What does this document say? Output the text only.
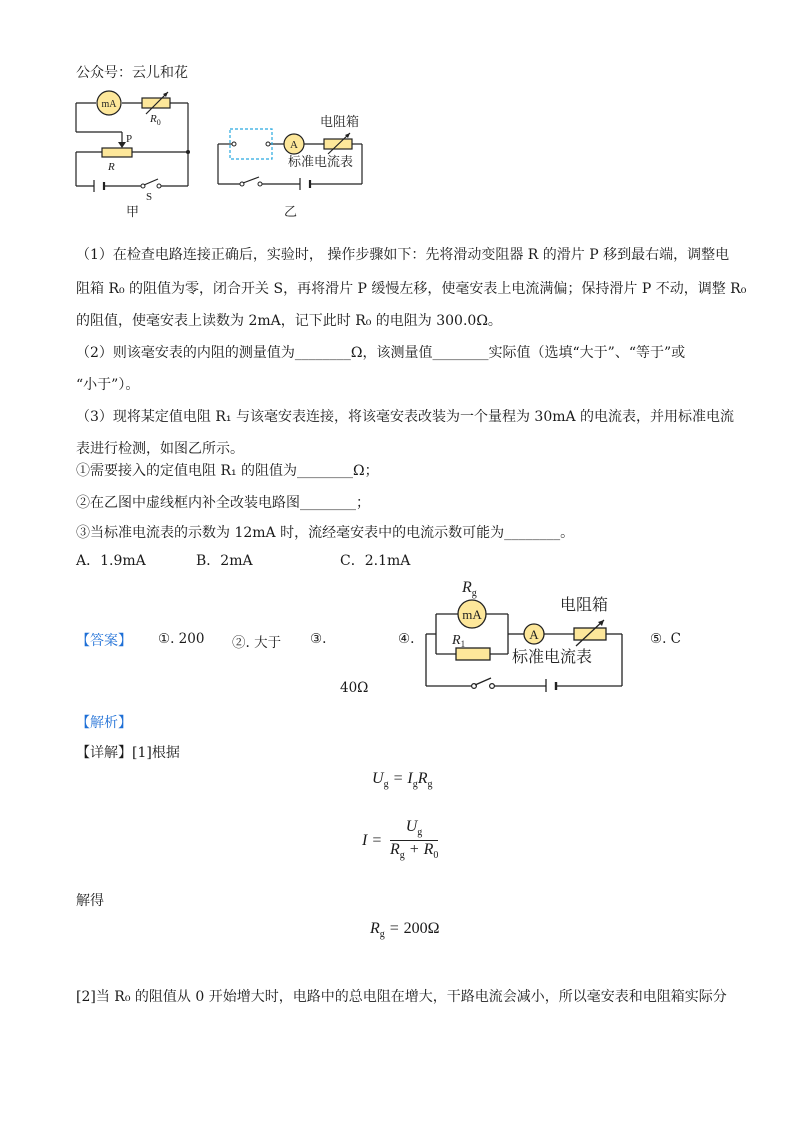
公众号：云儿和花
mA
$R_0$
P
R
S
甲
A
电阻箱
标准电流表
乙
（1）在检查电路连接正确后，实验时， 操作步骤如下：先将滑动变阻器 R 的滑片 P 移到最右端，调整电
阻箱 R₀ 的阻值为零，闭合开关 S，再将滑片 P 缓慢左移，使毫安表上电流满偏；保持滑片 P 不动，调整 R₀
的阻值，使毫安表上读数为 2mA，记下此时 R₀ 的电阻为 300.0Ω。
（2）则该毫安表的内阻的测量值为________Ω，该测量值________实际值（选填“大于”、“等于”或
“小于”）。
（3）现将某定值电阻 R₁ 与该毫安表连接，将该毫安表改装为一个量程为 30mA 的电流表，并用标准电流
表进行检测，如图乙所示。
①需要接入的定值电阻 R₁ 的阻值为________Ω；
②在乙图中虚线框内补全改装电路图________；
③当标准电流表的示数为 12mA 时，流经毫安表中的电流示数可能为________。
A．1.9mA	B．2mA	C．2.1mA
【答案】 ①. 200 ②. 大于 ③.	④.	⑤. C
40Ω
mA
$R_g$
$R_1$
A
电阻箱
标准电流表
【解析】
【详解】[1]根据
$U_g = I_gR_g$
I =
$U_g$
$R_g + R_0$
解得
$R_g = 200\Omega$
[2]当 R₀ 的阻值从 0 开始增大时，电路中的总电阻在增大，干路电流会减小，所以毫安表和电阻箱实际分
